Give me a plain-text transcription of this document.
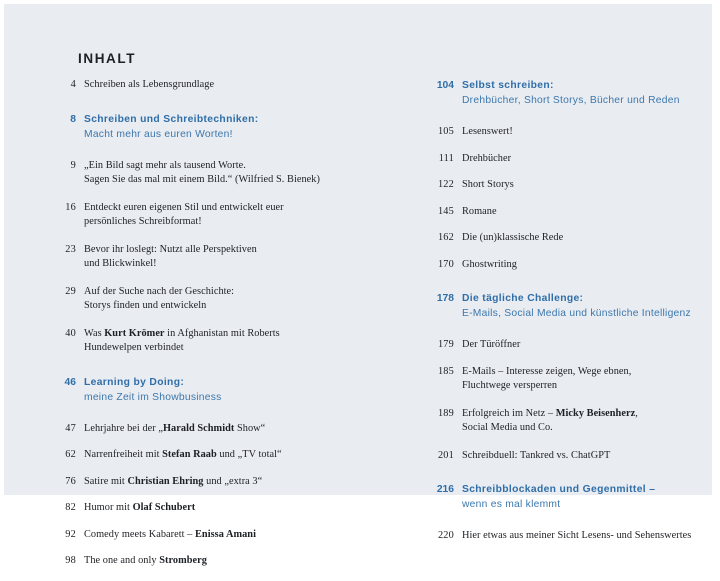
INHALT
4 Schreiben als Lebensgrundlage
8 Schreiben und Schreibtechniken:
Macht mehr aus euren Worten!
9 „Ein Bild sagt mehr als tausend Worte.
Sagen Sie das mal mit einem Bild.“ (Wilfried S. Bienek)
16 Entdeckt euren eigenen Stil und entwickelt euer
persönliches Schreibformat!
23 Bevor ihr loslegt: Nutzt alle Perspektiven
und Blickwinkel!
29 Auf der Suche nach der Geschichte:
Storys finden und entwickeln
40 Was Kurt Krömer in Afghanistan mit Roberts
Hundewelpen verbindet
46 Learning by Doing:
meine Zeit im Showbusiness
47 Lehrjahre bei der „Harald Schmidt Show“
62 Narrenfreiheit mit Stefan Raab und „TV total“
76 Satire mit Christian Ehring und „extra 3“
82 Humor mit Olaf Schubert
92 Comedy meets Kabarett – Enissa Amani
98 The one and only Stromberg
104 Selbst schreiben:
Drehbücher, Short Storys, Bücher und Reden
105 Lesenswert!
111 Drehbücher
122 Short Storys
145 Romane
162 Die (un)klassische Rede
170 Ghostwriting
178 Die tägliche Challenge:
E-Mails, Social Media und künstliche Intelligenz
179 Der Türöffner
185 E-Mails – Interesse zeigen, Wege ebnen,
Fluchtwege versperren
189 Erfolgreich im Netz – Micky Beisenherz,
Social Media und Co.
201 Schreibduell: Tankred vs. ChatGPT
216 Schreibblockaden und Gegenmittel –
wenn es mal klemmt
220 Hier etwas aus meiner Sicht Lesens- und Sehenswertes
